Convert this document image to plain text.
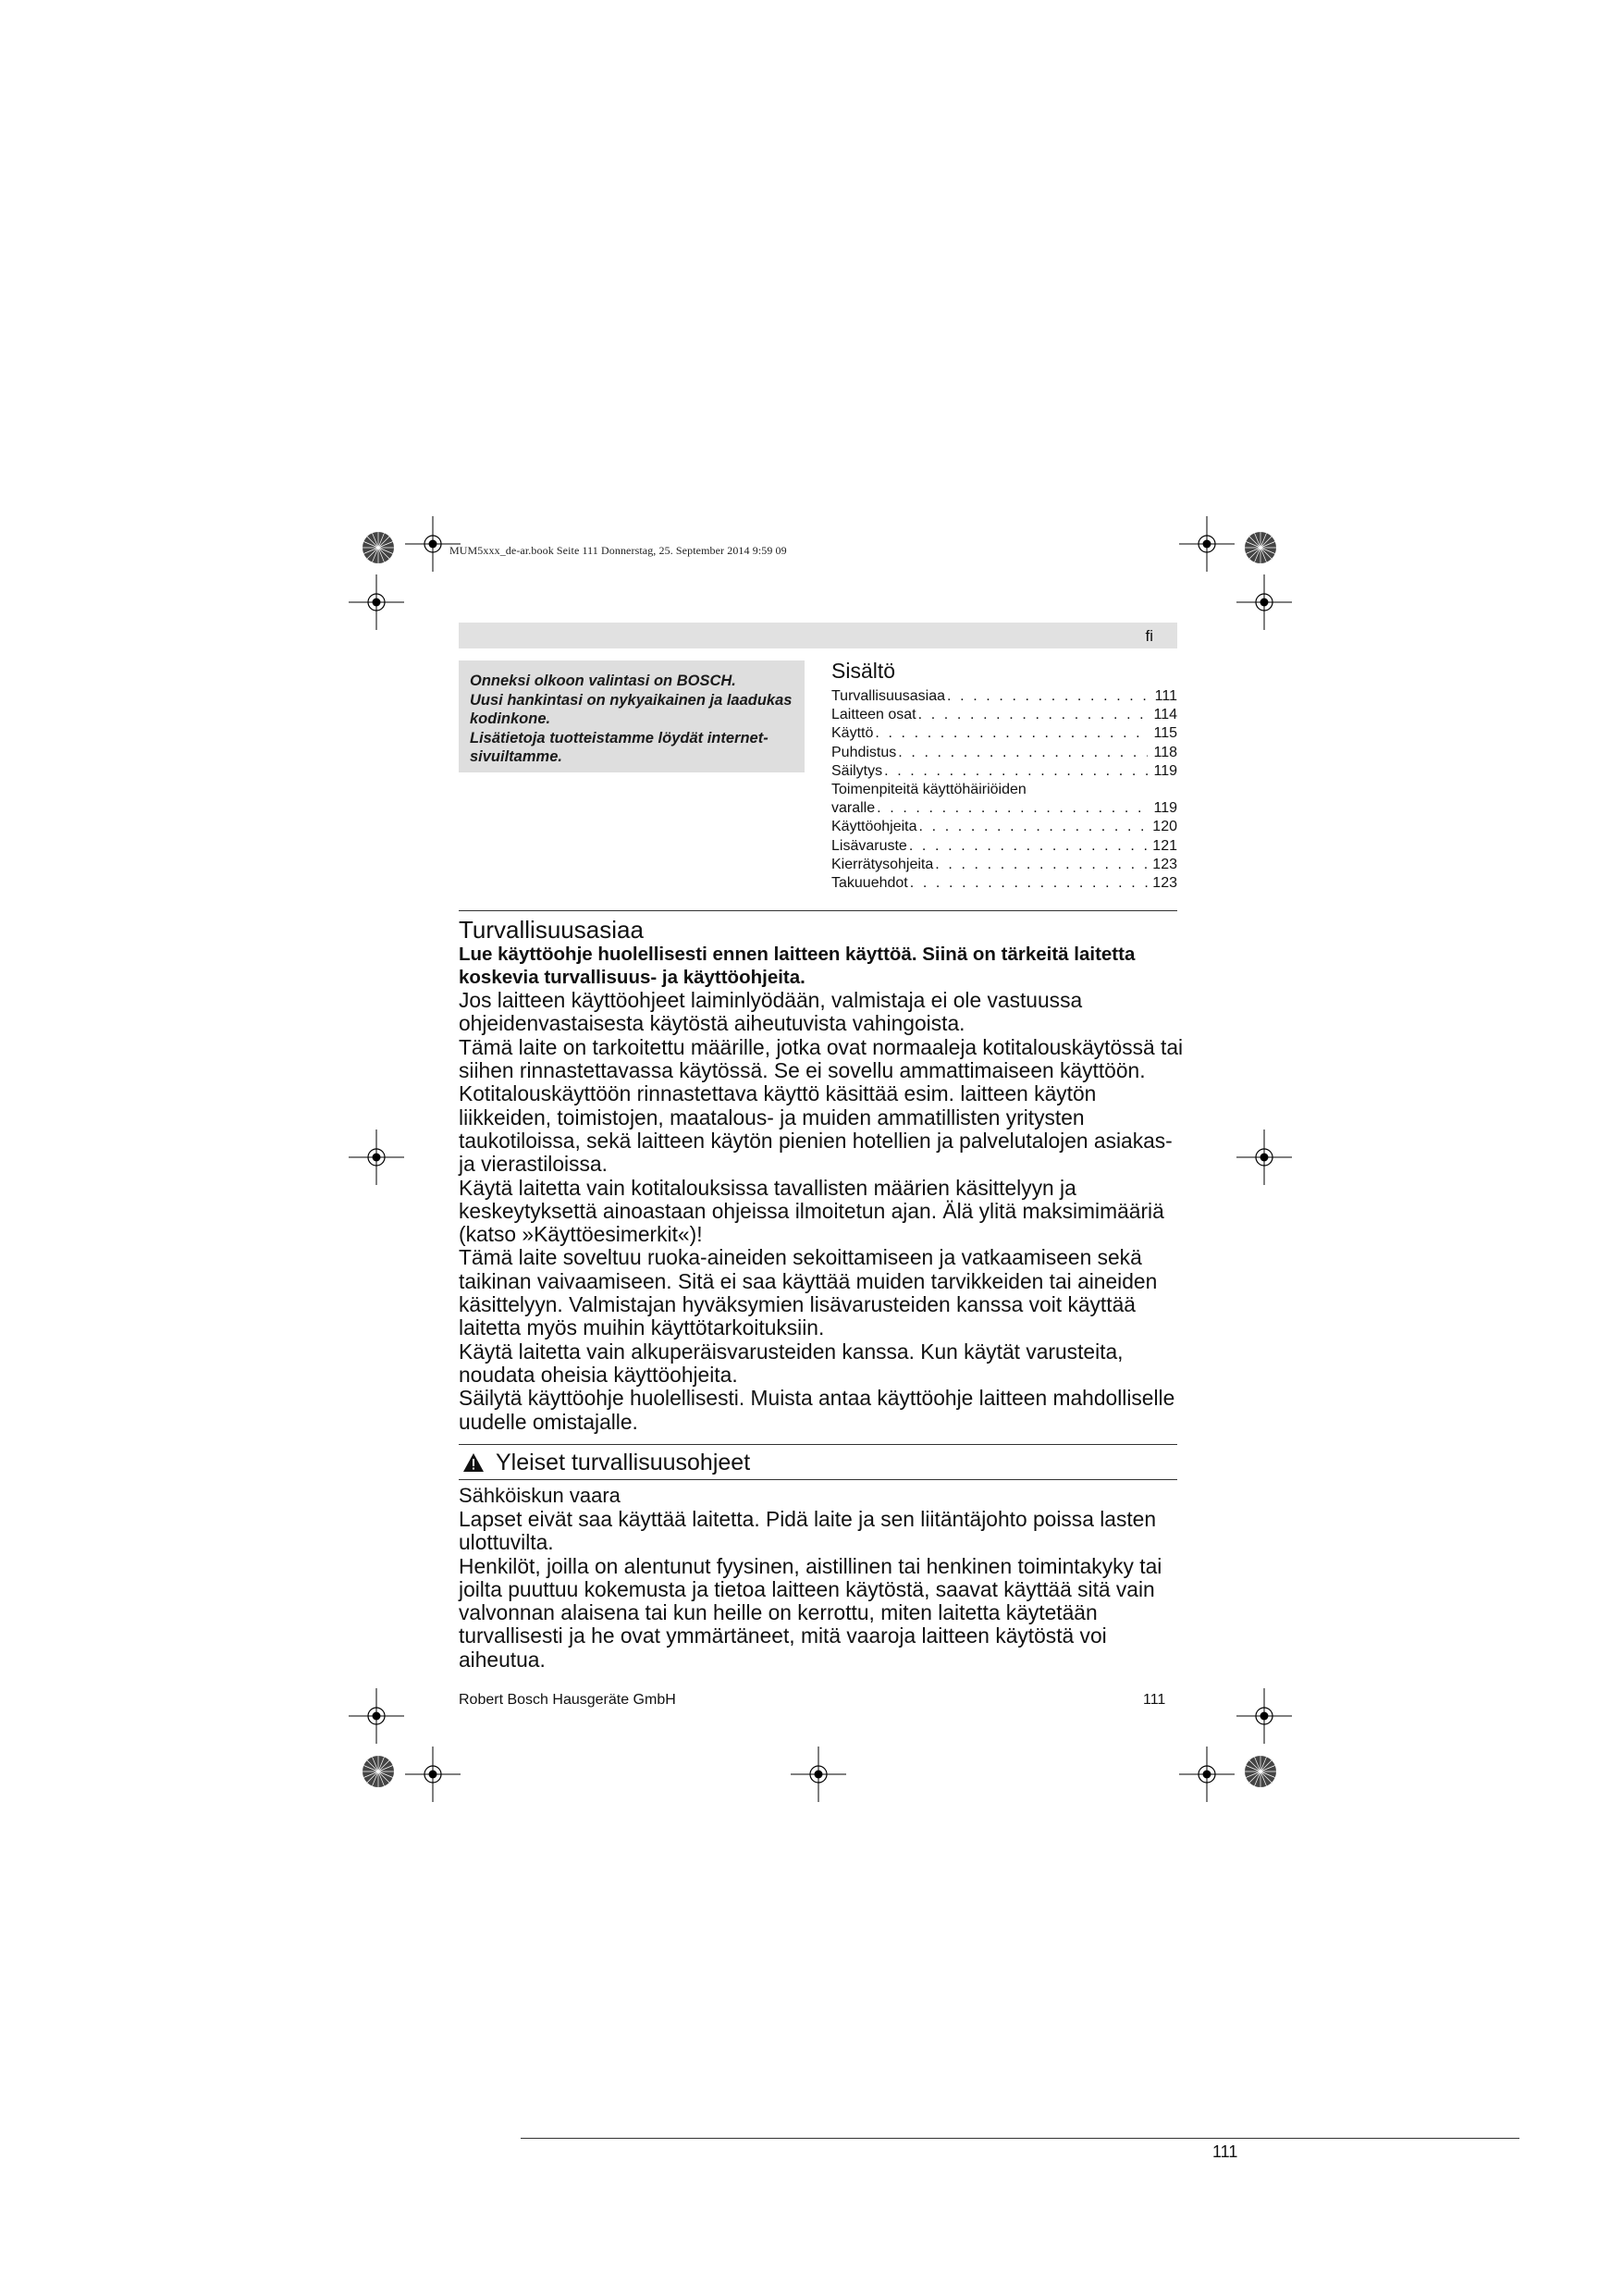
MUM5xxx_de-ar.book Seite 111 Donnerstag, 25. September 2014 9:59 09
fi

Onneksi olkoon valintasi on BOSCH.
Uusi hankintasi on nykyaikainen ja laadukas kodinkone.
Lisätietoja tuotteistamme löydät internet-sivuiltamme.

Sisältö
Turvallisuusasiaa . . .	111
Laitteen osat . . .	114
Käyttö . . .	115
Puhdistus . . .	118
Säilytys . . .	119
Toimenpiteitä käyttöhäiriöiden
varalle . . .	119
Käyttöohjeita . . .	120
Lisävaruste . . .	121
Kierrätysohjeita . . .	123
Takuuehdot . . .	123
Turvallisuusasiaa

Lue käyttöohje huolellisesti ennen laitteen käyttöä. Siinä on tärkeitä laitetta koskevia turvallisuus- ja käyttöohjeita.

Jos laitteen käyttöohjeet laiminlyödään, valmistaja ei ole vastuussa ohjeidenvastaisesta käytöstä aiheutuvista vahingoista.

Tämä laite on tarkoitettu määrille, jotka ovat normaaleja kotitalouskäytössä tai siihen rinnastettavassa käytössä. Se ei sovellu ammattimaiseen käyttöön. Kotitalouskäyttöön rinnastettava käyttö käsittää esim. laitteen käytön liikkeiden, toimistojen, maatalous- ja muiden ammatillisten yritysten taukotiloissa, sekä laitteen käytön pienien hotellien ja palvelutalojen asiakas- ja vierastiloissa.

Käytä laitetta vain kotitalouksissa tavallisten määrien käsittelyyn ja keskeytyksettä ainoastaan ohjeissa ilmoitetun ajan. Älä ylitä maksimimääriä (katso »Käyttöesimerkit«)!

Tämä laite soveltuu ruoka-aineiden sekoittamiseen ja vatkaamiseen sekä taikinan vaivaamiseen. Sitä ei saa käyttää muiden tarvikkeiden tai aineiden käsittelyyn. Valmistajan hyväksymien lisävarusteiden kanssa voit käyttää laitetta myös muihin käyttötarkoituksiin.

Käytä laitetta vain alkuperäisvarusteiden kanssa. Kun käytät varusteita, noudata oheisia käyttöohjeita.

Säilytä käyttöohje huolellisesti. Muista antaa käyttöohje laitteen mahdolliselle uudelle omistajalle.

Yleiset turvallisuusohjeet
Sähköiskun vaara

Lapset eivät saa käyttää laitetta. Pidä laite ja sen liitäntäjohto poissa lasten ulottuvilta.

Henkilöt, joilla on alentunut fyysinen, aistillinen tai henkinen toimintakyky tai joilta puuttuu kokemusta ja tietoa laitteen käytöstä, saavat käyttää sitä vain valvonnan alaisena tai kun heille on kerrottu, miten laitetta käytetään turvallisesti ja he ovat ymmärtäneet, mitä vaaroja laitteen käytöstä voi aiheutua.

Robert Bosch Hausgeräte GmbH	111
111
